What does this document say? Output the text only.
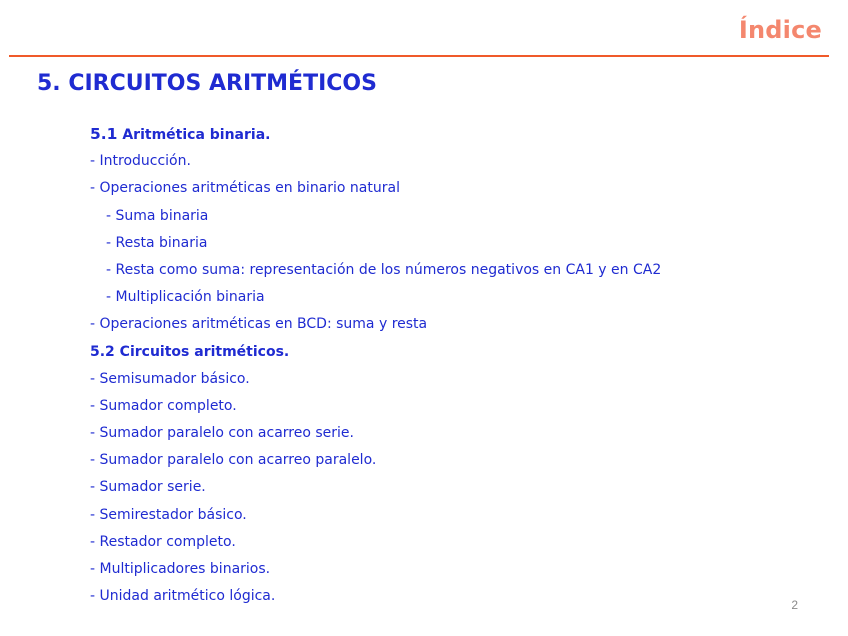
Índice
5. CIRCUITOS ARITMÉTICOS
5.1 Aritmética binaria.
- Introducción.
- Operaciones aritméticas en binario natural
- Suma binaria
- Resta binaria
- Resta como suma: representación de los números negativos en CA1 y en CA2
- Multiplicación binaria
- Operaciones aritméticas en BCD: suma y resta
5.2 Circuitos aritméticos.
- Semisumador básico.
- Sumador completo.
- Sumador paralelo con acarreo serie.
- Sumador paralelo con acarreo paralelo.
- Sumador serie.
- Semirestador básico.
- Restador completo.
- Multiplicadores binarios.
- Unidad aritmético lógica.
2
